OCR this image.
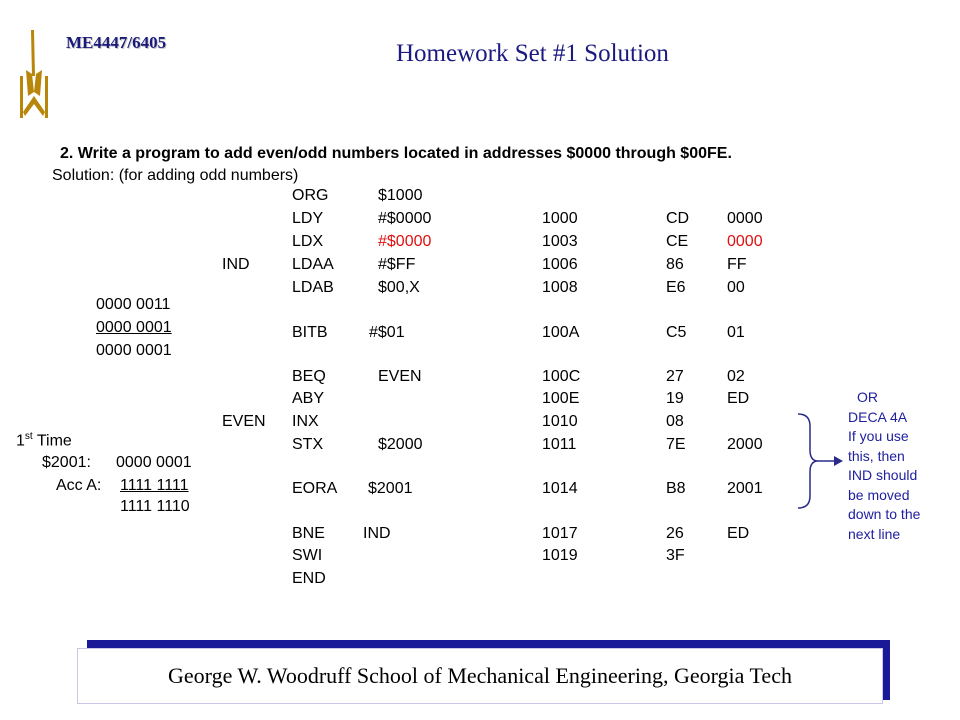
ME4447/6405	Homework Set #1 Solution
2. Write a program to add even/odd numbers located in addresses $0000 through $00FE.
Solution: (for adding odd numbers)
ORG	$1000
LDY	#$0000	1000	CD 0000
LDX	#$0000	1003	CE 0000
IND	LDAA	#$FF	1006	86	FF
LDAB	$00,X	1008	E6	00
BITB	#$01	100A	C5	01
BEQ	EVEN	100C	27	02
ABY	100E	19	ED
EVEN INX	1010	08
STX	$2000	1011	7E	2000
EORA $2001	1014	B8	2001
BNE IND	1017	26	ED
SWI	1019	3F
END
0000 0011
0000 0001
0000 0001
1st Time
$2001: 0000 0001
Acc A: 1111 1111
1111 1110
OR
DECA 4A
If you use
this, then
IND should
be moved
down to the
next line
George W. Woodruff School of Mechanical Engineering, Georgia Tech
